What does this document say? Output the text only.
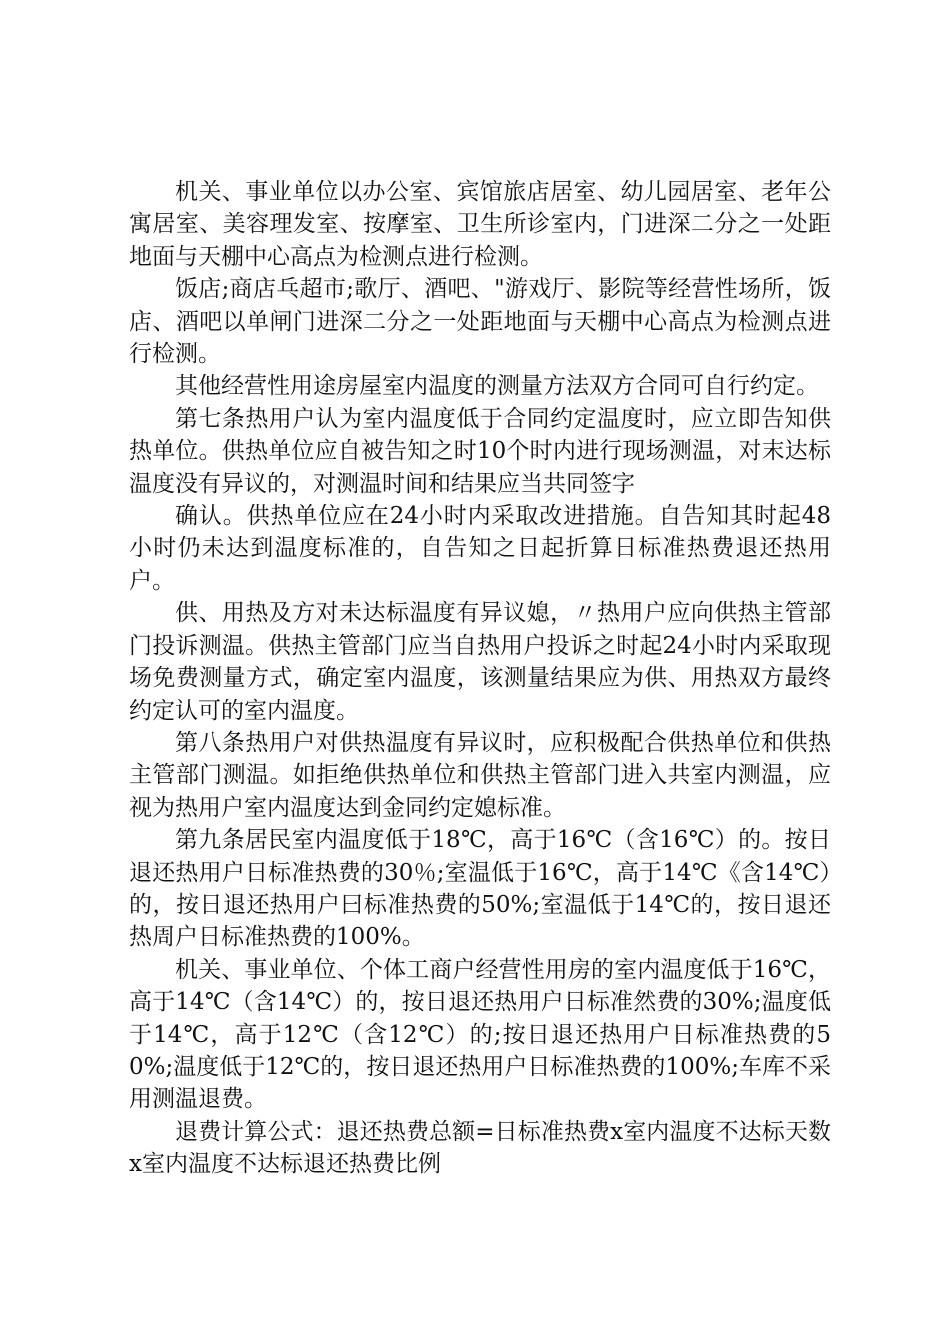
机关、事业单位以办公室、宾馆旅店居室、幼儿园居室、老年公寓居室、美容理发室、按摩室、卫生所诊室内，门进深二分之一处距地面与天棚中心高点为检测点进行检测。

饭店;商店乓超市;歌厅、酒吧、"游戏厅、影院等经营性场所，饭店、酒吧以单闸门进深二分之一处距地面与天棚中心高点为检测点进行检测。

其他经营性用途房屋室内温度的测量方法双方合同可自行约定。

第七条热用户认为室内温度低于合同约定温度时，应立即告知供热单位。供热单位应自被告知之时10个时内进行现场测温，对末达标温度没有异议的，对测温时间和结果应当共同签字

确认。供热单位应在24小时内采取改进措施。自告知其时起48小时仍未达到温度标准的，自告知之日起折算日标准热费退还热用户。

供、用热及方对未达标温度有异议媳，〃热用户应向供热主管部门投诉测温。供热主管部门应当自热用户投诉之时起24小时内采取现场免费测量方式，确定室内温度，该测量结果应为供、用热双方最终约定认可的室内温度。

第八条热用户对供热温度有异议时，应积极配合供热单位和供热主管部门测温。如拒绝供热单位和供热主管部门进入共室内测温，应视为热用户室内温度达到金同约定媳标准。

第九条居民室内温度低于18℃，高于16℃（含16℃）的。按日退还热用户日标准热费的30％;室温低于16℃，高于14℃《含14℃）的，按日退还热用户曰标准热费的50%;室温低于14℃的，按日退还热周户日标准热费的100%。

机关、事业单位、个体工商户经营性用房的室内温度低于16℃，高于14℃（含14℃）的，按日退还热用户日标准然费的30%;温度低于14℃，高于12℃（含12℃）的;按日退还热用户日标准热费的50%;温度低于12℃的，按日退还热用户日标准热费的100%;车库不采用测温退费。

退费计算公式：退还热费总额=日标准热费x室内温度不达标天数x室内温度不达标退还热费比例
